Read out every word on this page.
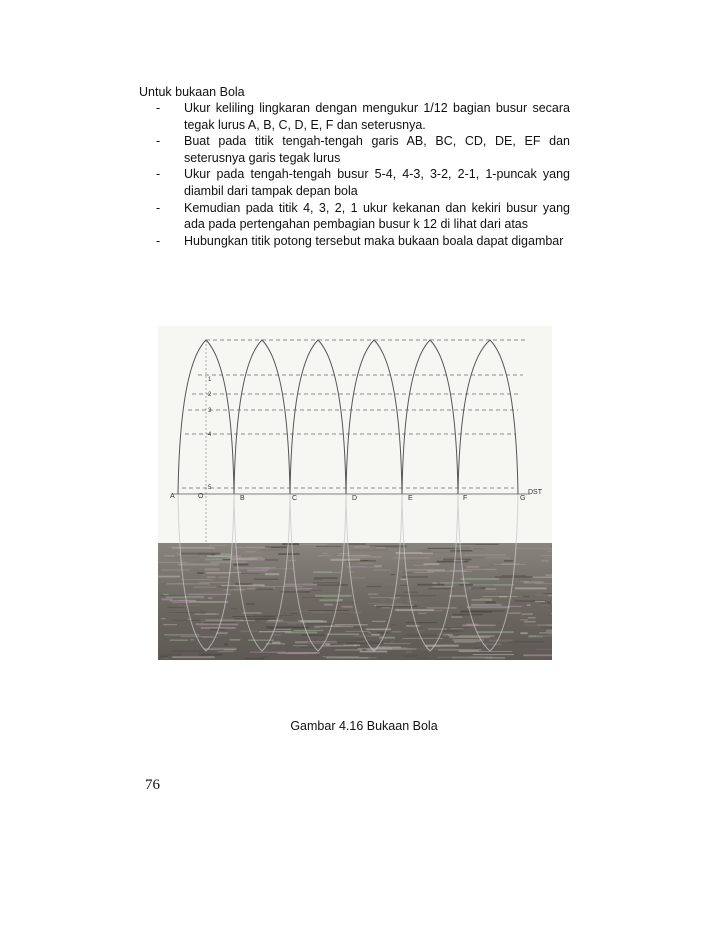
Untuk bukaan Bola
- Ukur keliling lingkaran dengan mengukur 1/12 bagian busur secara tegak lurus A, B, C, D, E, F dan seterusnya.
- Buat pada titik tengah-tengah garis AB, BC, CD, DE, EF dan seterusnya garis tegak lurus
- Ukur pada tengah-tengah busur 5-4, 4-3, 3-2, 2-1, 1-puncak yang diambil dari tampak depan bola
- Kemudian pada titik 4, 3, 2, 1 ukur kekanan dan kekiri busur yang ada pada pertengahan pembagian busur k 12 di lihat dari atas
- Hubungkan titik potong tersebut maka bukaan boala dapat digambar
A	O	B	C	D	E	F	G
DST
1
2
3
4
5
Gambar 4.16 Bukaan Bola
76
